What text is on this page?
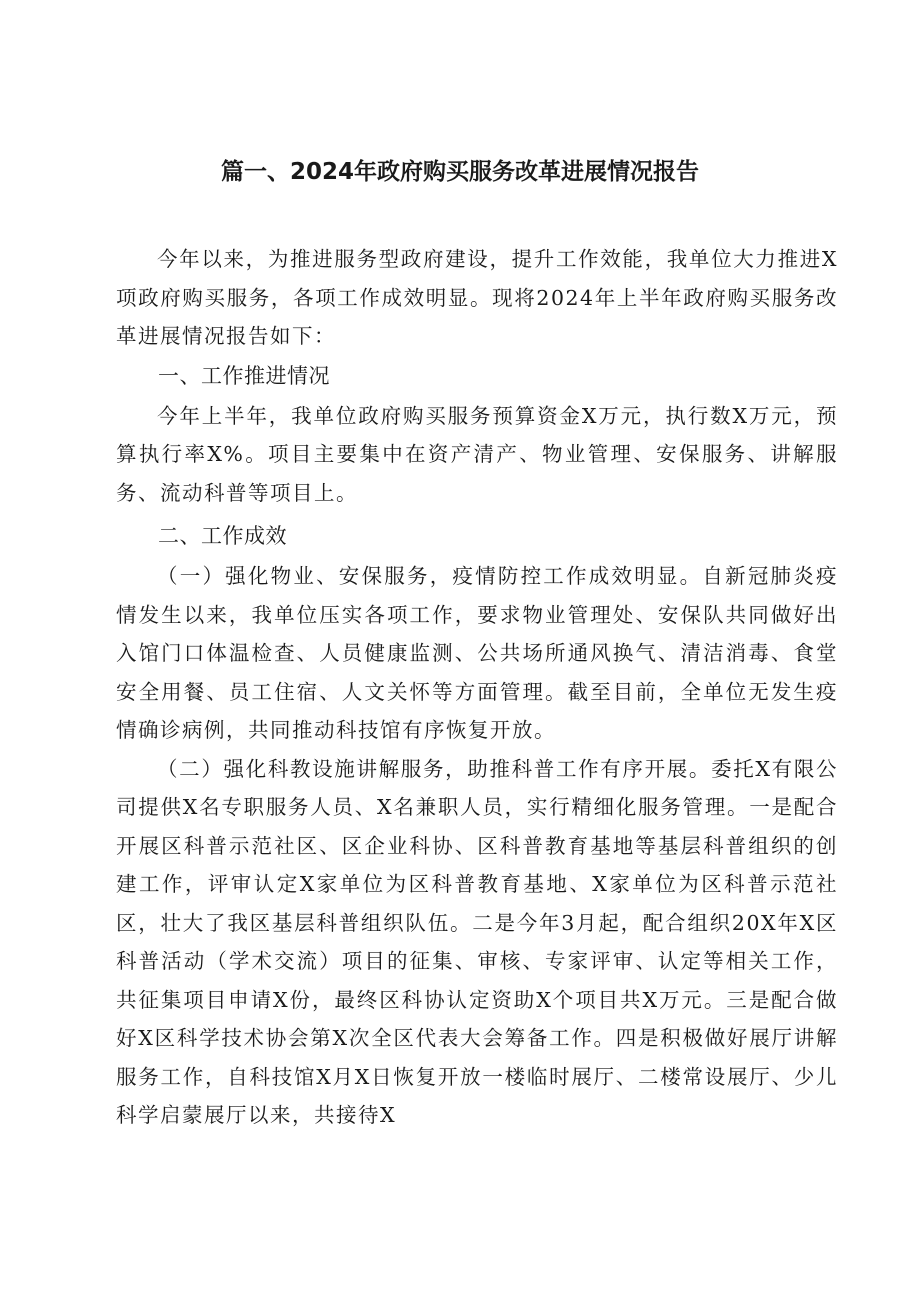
篇一、2024年政府购买服务改革进展情况报告

今年以来，为推进服务型政府建设，提升工作效能，我单位大力推进X项政府购买服务，各项工作成效明显。现将2024年上半年政府购买服务改革进展情况报告如下：

一、工作推进情况

今年上半年，我单位政府购买服务预算资金X万元，执行数X万元，预算执行率X%。项目主要集中在资产清产、物业管理、安保服务、讲解服务、流动科普等项目上。

二、工作成效

（一）强化物业、安保服务，疫情防控工作成效明显。自新冠肺炎疫情发生以来，我单位压实各项工作，要求物业管理处、安保队共同做好出入馆门口体温检查、人员健康监测、公共场所通风换气、清洁消毒、食堂安全用餐、员工住宿、人文关怀等方面管理。截至目前，全单位无发生疫情确诊病例，共同推动科技馆有序恢复开放。

（二）强化科教设施讲解服务，助推科普工作有序开展。委托X有限公司提供X名专职服务人员、X名兼职人员，实行精细化服务管理。一是配合开展区科普示范社区、区企业科协、区科普教育基地等基层科普组织的创建工作，评审认定X家单位为区科普教育基地、X家单位为区科普示范社区，壮大了我区基层科普组织队伍。二是今年3月起，配合组织20X年X区科普活动（学术交流）项目的征集、审核、专家评审、认定等相关工作，共征集项目申请X份，最终区科协认定资助X个项目共X万元。三是配合做好X区科学技术协会第X次全区代表大会筹备工作。四是积极做好展厅讲解服务工作，自科技馆X月X日恢复开放一楼临时展厅、二楼常设展厅、少儿科学启蒙展厅以来，共接待X
